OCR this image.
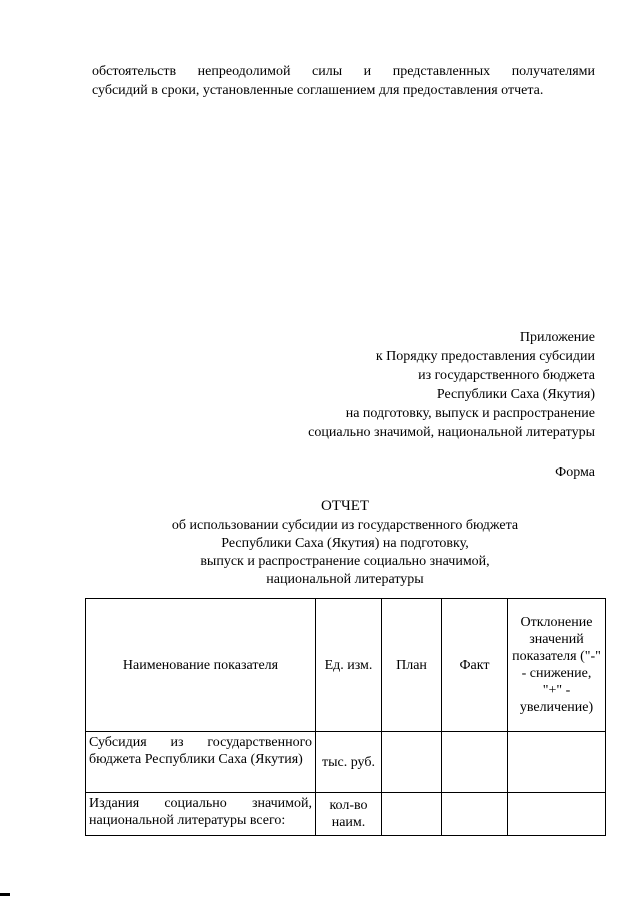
обстоятельств непреодолимой силы и представленных получателями
субсидий в сроки, установленные соглашением для предоставления отчета.
Приложение
к Порядку предоставления субсидии
из государственного бюджета
Республики Саха (Якутия)
на подготовку, выпуск и распространение
социально значимой, национальной литературы
Форма
ОТЧЕТ
об использовании субсидии из государственного бюджета
Республики Саха (Якутия) на подготовку,
выпуск и распространение социально значимой,
национальной литературы
Наименование показателя	Ед. изм.	План	Факт	Отклонение значений показателя ("-" - снижение, "+" - увеличение)
Субсидия из государственного бюджета Республики Саха (Якутия)	тыс. руб.			
Издания социально значимой, национальной литературы всего:	кол-во наим.			
